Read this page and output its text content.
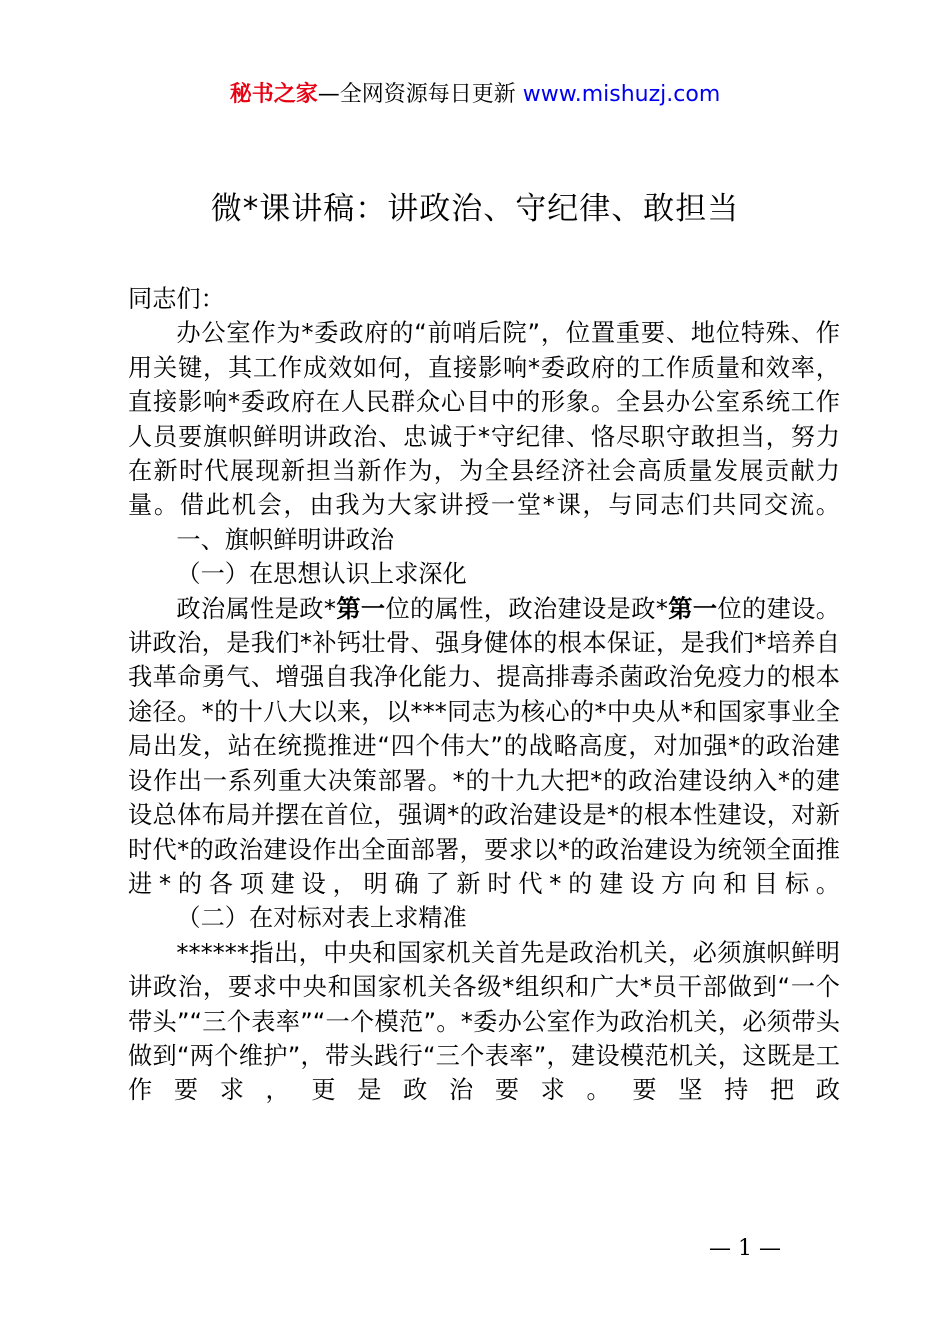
秘书之家—全网资源每日更新 www.mishuzj.com
微*课讲稿：讲政治、守纪律、敢担当

同志们：

办公室作为*委政府的“前哨后院”，位置重要、地位特殊、作用关键，其工作成效如何，直接影响*委政府的工作质量和效率，直接影响*委政府在人民群众心目中的形象。全县办公室系统工作人员要旗帜鲜明讲政治、忠诚于*守纪律、恪尽职守敢担当，努力在新时代展现新担当新作为，为全县经济社会高质量发展贡献力量。借此机会，由我为大家讲授一堂*课，与同志们共同交流。

一、旗帜鲜明讲政治

（一）在思想认识上求深化

政治属性是政*第一位的属性，政治建设是政*第一位的建设。讲政治，是我们*补钙壮骨、强身健体的根本保证，是我们*培养自我革命勇气、增强自我净化能力、提高排毒杀菌政治免疫力的根本途径。*的十八大以来，以***同志为核心的*中央从*和国家事业全局出发，站在统揽推进“四个伟大”的战略高度，对加强*的政治建设作出一系列重大决策部署。*的十九大把*的政治建设纳入*的建设总体布局并摆在首位，强调*的政治建设是*的根本性建设，对新时代*的政治建设作出全面部署，要求以*的政治建设为统领全面推进*的各项建设，明确了新时代*的建设方向和目标。

（二）在对标对表上求精准

******指出，中央和国家机关首先是政治机关，必须旗帜鲜明讲政治，要求中央和国家机关各级*组织和广大*员干部做到“一个带头”“三个表率”“一个模范”。*委办公室作为政治机关，必须带头做到“两个维护”，带头践行“三个表率”，建设模范机关，这既是工作要求，更是政治要求。要坚持把政

— 1 —
